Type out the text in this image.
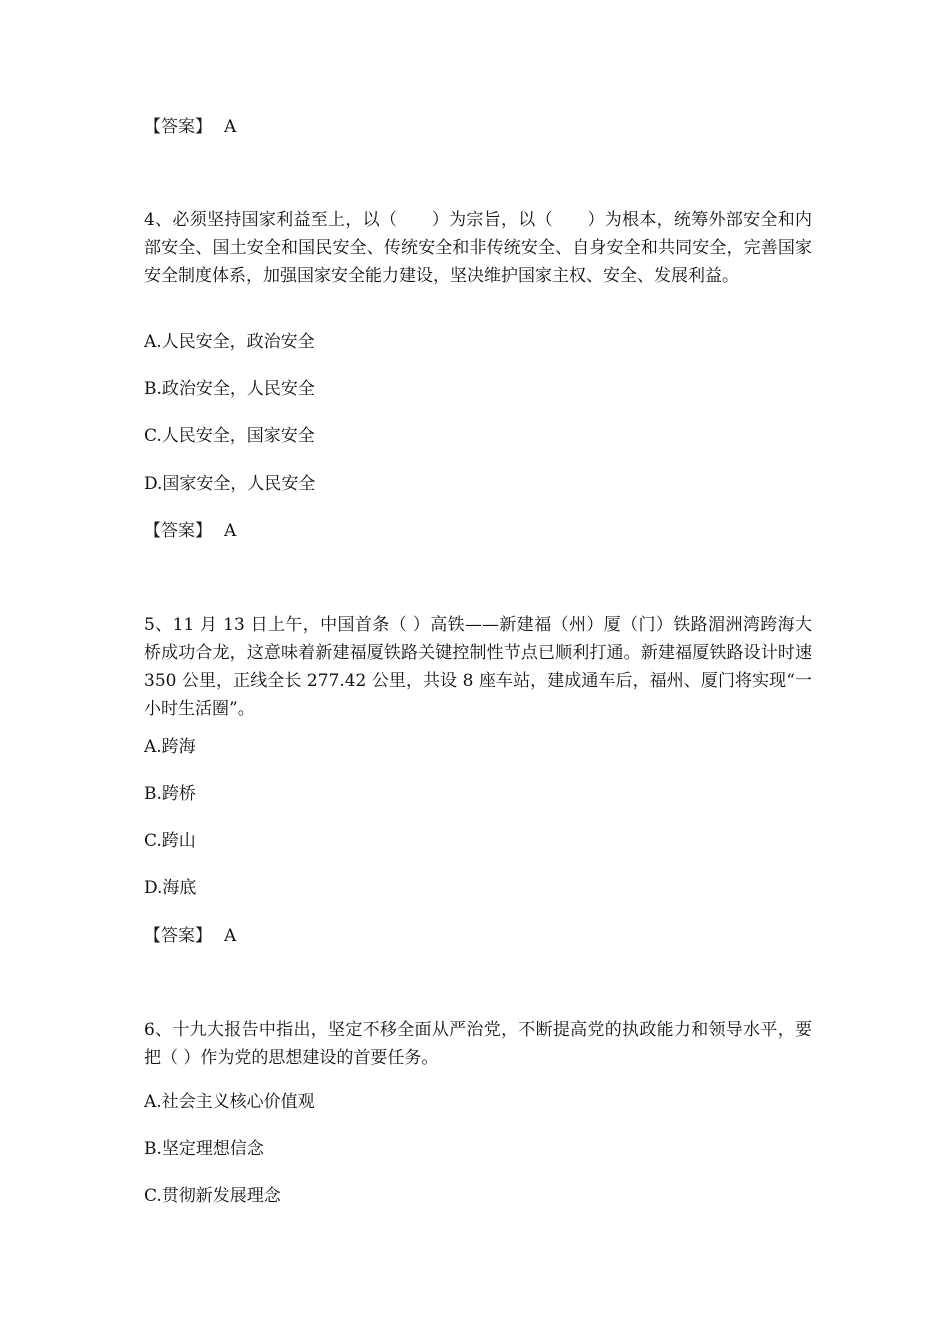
【答案】 A
4、必须坚持国家利益至上，以（　　）为宗旨，以（　　）为根本，统筹外部安全和内部安全、国土安全和国民安全、传统安全和非传统安全、自身安全和共同安全，完善国家安全制度体系，加强国家安全能力建设，坚决维护国家主权、安全、发展利益。
A.人民安全，政治安全
B.政治安全，人民安全
C.人民安全，国家安全
D.国家安全，人民安全
【答案】 A
5、11 月 13 日上午，中国首条（ ）高铁——新建福（州）厦（门）铁路湄洲湾跨海大桥成功合龙，这意味着新建福厦铁路关键控制性节点已顺利打通。新建福厦铁路设计时速 350 公里，正线全长 277.42 公里，共设 8 座车站，建成通车后，福州、厦门将实现“一小时生活圈”。
A.跨海
B.跨桥
C.跨山
D.海底
【答案】 A
6、十九大报告中指出，坚定不移全面从严治党，不断提高党的执政能力和领导水平，要把（ ）作为党的思想建设的首要任务。
A.社会主义核心价值观
B.坚定理想信念
C.贯彻新发展理念
